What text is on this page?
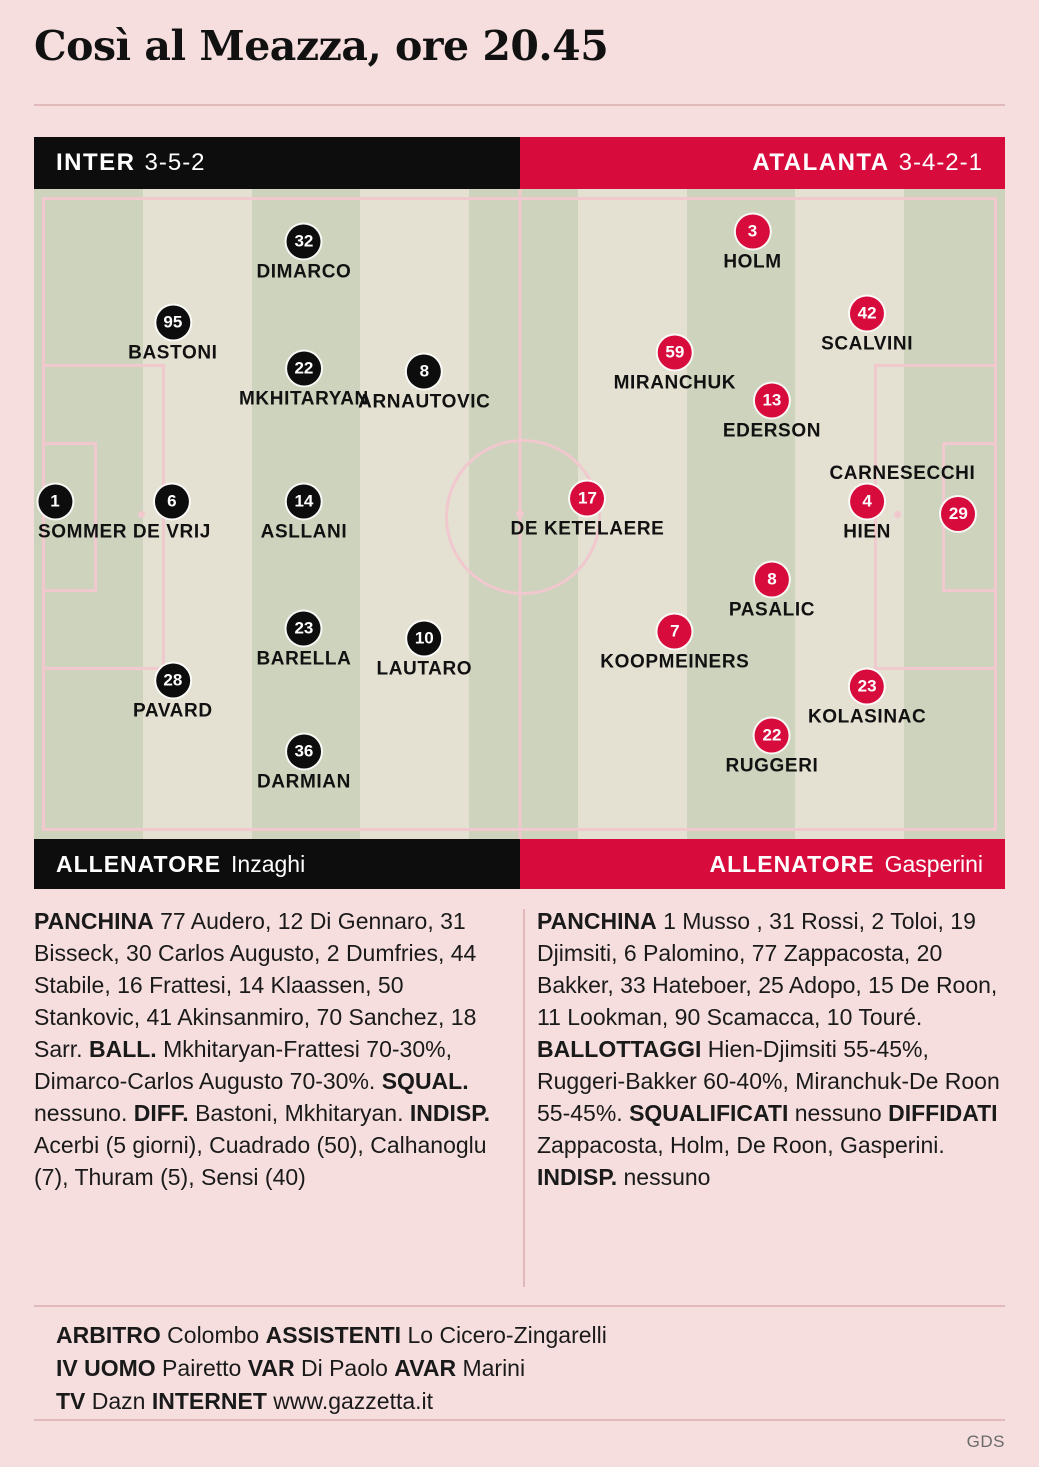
Così al Meazza, ore 20.45
INTER 3-5-2	ATALANTA 3-4-2-1
1
SOMMER
6
DE VRIJ
95
BASTONI
28
PAVARD
32
DIMARCO
22
MKHITARYAN
14
ASLLANI
23
BARELLA
36
DARMIAN
8
ARNAUTOVIC
10
LAUTARO
29
CARNESECCHI
4
HIEN
42
SCALVINI
23
KOLASINAC
3
HOLM
13
EDERSON
8
PASALIC
22
RUGGERI
59
MIRANCHUK
7
KOOPMEINERS
17
DE KETELAERE
ALLENATORE Inzaghi	ALLENATORE Gasperini
PANCHINA 77 Audero, 12 Di Gennaro, 31 Bisseck, 30 Carlos Augusto, 2 Dumfries, 44 Stabile, 16 Frattesi, 14 Klaassen, 50 Stankovic, 41 Akinsanmiro, 70 Sanchez, 18 Sarr. BALL. Mkhitaryan-Frattesi 70-30%, Dimarco-Carlos Augusto 70-30%. SQUAL. nessuno. DIFF. Bastoni, Mkhitaryan. INDISP. Acerbi (5 giorni), Cuadrado (50), Calhanoglu (7), Thuram (5), Sensi (40)
PANCHINA 1 Musso , 31 Rossi, 2 Toloi, 19 Djimsiti, 6 Palomino, 77 Zappacosta, 20 Bakker, 33 Hateboer, 25 Adopo, 15 De Roon, 11 Lookman, 90 Scamacca, 10 Touré. BALLOTTAGGI Hien-Djimsiti 55-45%, Ruggeri-Bakker 60-40%, Miranchuk-De Roon 55-45%. SQUALIFICATI nessuno DIFFIDATI Zappacosta, Holm, De Roon, Gasperini. INDISP. nessuno
ARBITRO Colombo ASSISTENTI Lo Cicero-Zingarelli
IV UOMO Pairetto VAR Di Paolo AVAR Marini
TV Dazn INTERNET www.gazzetta.it
GDS
